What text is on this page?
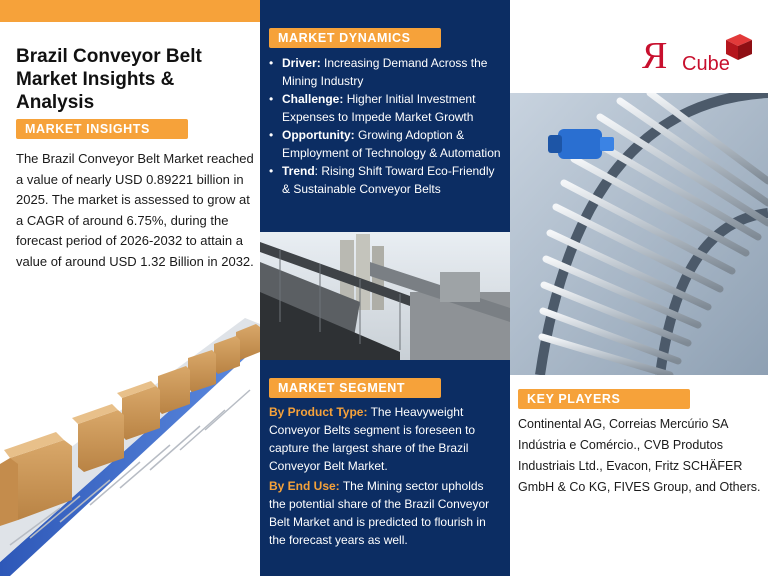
Brazil Conveyor Belt Market Insights & Analysis
MARKET INSIGHTS

The Brazil Conveyor Belt Market reached a value of nearly USD 0.89221 billion in 2025. The market is assessed to grow at a CAGR of around 6.75%, during the forecast period of 2026-2032 to attain a value of around USD 1.32 Billion in 2032.

MARKET DYNAMICS
• Driver: Increasing Demand Across the Mining Industry
• Challenge: Higher Initial Investment Expenses to Impede Market Growth
• Opportunity: Growing Adoption & Employment of Technology & Automation
• Trend: Rising Shift Toward Eco-Friendly & Sustainable Conveyor Belts
MARKET SEGMENT

By Product Type: The Heavyweight Conveyor Belts segment is foreseen to capture the largest share of the Brazil Conveyor Belt Market.

By End Use: The Mining sector upholds the potential share of the Brazil Conveyor Belt Market and is predicted to flourish in the forecast years as well.

Я Cube
KEY PLAYERS

Continental AG, Correias Mercúrio SA Indústria e Comércio., CVB Produtos Industriais Ltd., Evacon, Fritz SCHÄFER GmbH & Co KG, FIVES Group, and Others.
